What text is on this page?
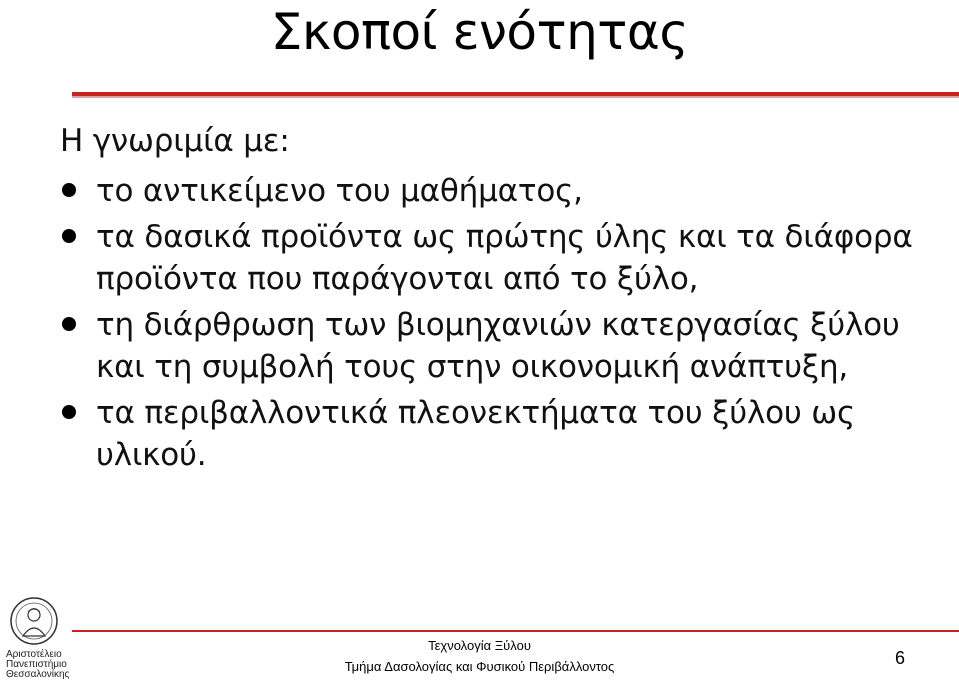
Σκοποί ενότητας

Η γνωριμία με:

το αντικείμενο του μαθήματος,
τα δασικά προϊόντα ως πρώτης ύλης και τα διάφορα προϊόντα που παράγονται από το ξύλο,
τη διάρθρωση των βιομηχανιών κατεργασίας ξύλου και τη συμβολή τους στην οικονομική ανάπτυξη,
τα περιβαλλοντικά πλεονεκτήματα του ξύλου ως υλικού.
Αριστοτέλειο
Πανεπιστήμιο
Θεσσαλονίκης
Τεχνολογία Ξύλου
Τμήμα Δασολογίας και Φυσικού Περιβάλλοντος	6
